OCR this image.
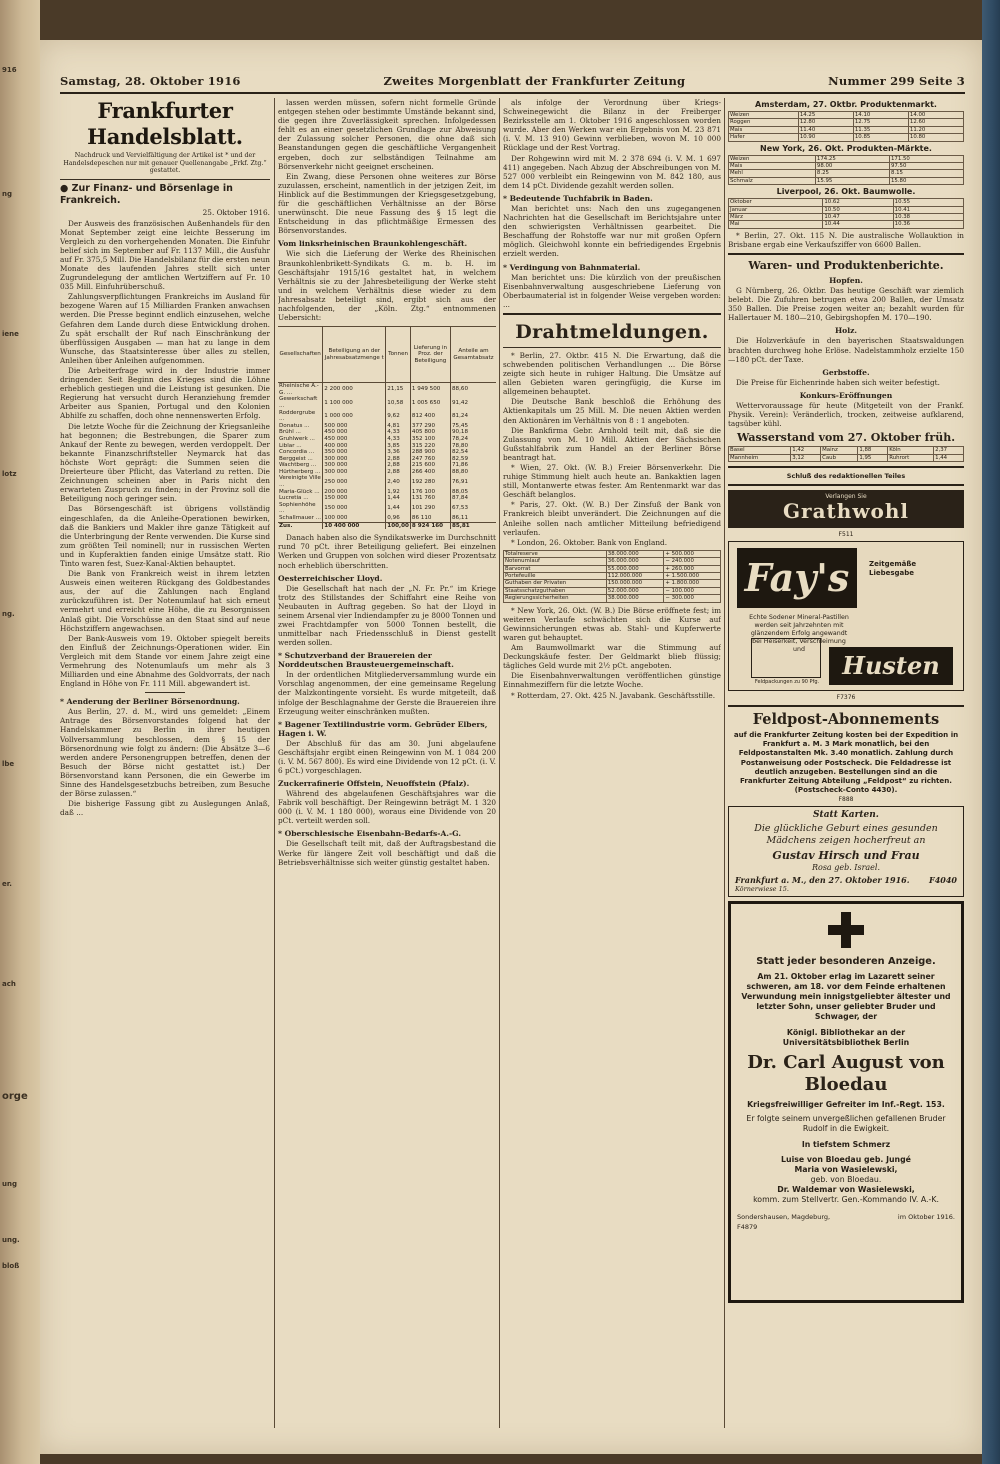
916
ng
iene
lotz
ng.
lbe
er.
ach
orge
ung
ung.
bloß
Samstag, 28. Oktober 1916	Zweites Morgenblatt der Frankfurter Zeitung	Nummer 299 Seite 3
Frankfurter Handelsblatt.
Nachdruck und Vervielfältigung der Artikel ist * und der Handelsdepeschen nur mit genauer Quellenangabe „Frkf. Ztg.“ gestattet.
● Zur Finanz- und Börsenlage in Frankreich.
25. Oktober 1916.

Der Ausweis des französischen Außenhandels für den Monat September zeigt eine leichte Besserung im Vergleich zu den vorhergehenden Monaten. Die Einfuhr belief sich im September auf Fr. 1137 Mill., die Ausfuhr auf Fr. 375,5 Mill. Die Handelsbilanz für die ersten neun Monate des laufenden Jahres stellt sich unter Zugrundelegung der amtlichen Wertziffern auf Fr. 10 035 Mill. Einfuhrüberschuß.

Zahlungsverpflichtungen Frankreichs im Ausland für bezogene Waren auf 15 Milliarden Franken anwachsen werden. Die Presse beginnt endlich einzusehen, welche Gefahren dem Lande durch diese Entwicklung drohen. Zu spät erschallt der Ruf nach Einschränkung der überflüssigen Ausgaben — man hat zu lange in dem Wunsche, das Staatsinteresse über alles zu stellen, Anleihen über Anleihen aufgenommen.

Die Arbeiterfrage wird in der Industrie immer dringender. Seit Beginn des Krieges sind die Löhne erheblich gestiegen und die Leistung ist gesunken. Die Regierung hat versucht durch Heranziehung fremder Arbeiter aus Spanien, Portugal und den Kolonien Abhilfe zu schaffen, doch ohne nennenswerten Erfolg.

Die letzte Woche für die Zeichnung der Kriegsanleihe hat begonnen; die Bestrebungen, die Sparer zum Ankauf der Rente zu bewegen, werden verdoppelt. Der bekannte Finanzschriftsteller Neymarck hat das höchste Wort geprägt: die Summen seien die Dreierteure über Pflicht, das Vaterland zu retten. Die Zeichnungen scheinen aber in Paris nicht den erwarteten Zuspruch zu finden; in der Provinz soll die Beteiligung noch geringer sein.

Das Börsengeschäft ist übrigens vollständig eingeschlafen, da die Anleihe-Operationen bewirken, daß die Bankiers und Makler ihre ganze Tätigkeit auf die Unterbringung der Rente verwenden. Die Kurse sind zum größten Teil nominell; nur in russischen Werten und in Kupferaktien fanden einige Umsätze statt. Rio Tinto waren fest, Suez-Kanal-Aktien behauptet.

Die Bank von Frankreich weist in ihrem letzten Ausweis einen weiteren Rückgang des Goldbestandes aus, der auf die Zahlungen nach England zurückzuführen ist. Der Notenumlauf hat sich erneut vermehrt und erreicht eine Höhe, die zu Besorgnissen Anlaß gibt. Die Vorschüsse an den Staat sind auf neue Höchstziffern angewachsen.

Der Bank-Ausweis vom 19. Oktober spiegelt bereits den Einfluß der Zeichnungs-Operationen wider. Ein Vergleich mit dem Stande vor einem Jahre zeigt eine Vermehrung des Notenumlaufs um mehr als 3 Milliarden und eine Abnahme des Goldvorrats, der nach England in Höhe von Fr. 111 Mill. abgewandert ist.

* Aenderung der Berliner Börsenordnung.

Aus Berlin, 27. d. M., wird uns gemeldet: „Einem Antrage des Börsenvorstandes folgend hat der Handelskammer zu Berlin in ihrer heutigen Vollversammlung beschlossen, dem § 15 der Börsenordnung wie folgt zu ändern: (Die Absätze 3—6 werden andere Personengruppen betreffen, denen der Besuch der Börse nicht gestattet ist.) Der Börsenvorstand kann Personen, die ein Gewerbe im Sinne des Handelsgesetzbuchs betreiben, zum Besuche der Börse zulassen.“

Die bisherige Fassung gibt zu Auslegungen Anlaß, daß ...

lassen werden müssen, sofern nicht formelle Gründe entgegen stehen oder bestimmte Umstände bekannt sind, die gegen ihre Zuverlässigkeit sprechen. Infolgedessen fehlt es an einer gesetzlichen Grundlage zur Abweisung der Zulassung solcher Personen, die ohne daß sich Beanstandungen gegen die geschäftliche Vergangenheit ergeben, doch zur selbständigen Teilnahme am Börsenverkehr nicht geeignet erscheinen.

Ein Zwang, diese Personen ohne weiteres zur Börse zuzulassen, erscheint, namentlich in der jetzigen Zeit, im Hinblick auf die Bestimmungen der Kriegsgesetzgebung, für die geschäftlichen Verhältnisse an der Börse unerwünscht. Die neue Fassung des § 15 legt die Entscheidung in das pflichtmäßige Ermessen des Börsenvorstandes.

Vom linksrheinischen Braunkohlengeschäft.

Wie sich die Lieferung der Werke des Rheinischen Braunkohlenbrikett-Syndikats G. m. b. H. im Geschäftsjahr 1915/16 gestaltet hat, in welchem Verhältnis sie zu der Jahresbeteiligung der Werke steht und in welchem Verhältnis diese wieder zu dem Jahresabsatz beteiligt sind, ergibt sich aus der nachfolgenden, der „Köln. Ztg.“ entnommenen Uebersicht:

Gesellschaften	Beteiligung an der Jahresabsatzmenge t	Tonnen	Lieferung in Proz. der Beteiligung	Anteile am Gesamtabsatz
Rheinische A.-G. ...	2 200 000	21,15	1 949 500	88,60
Gewerkschaft ...	1 100 000	10,58	1 005 650	91,42
Roddergrube ...	1 000 000	9,62	812 400	81,24
Donatus ...	500 000	4,81	377 290	75,45
Brühl ...	450 000	4,33	405 800	90,18
Gruhlwerk ...	450 000	4,33	352 100	78,24
Liblar ...	400 000	3,85	315 220	78,80
Concordia ...	350 000	3,36	288 900	82,54
Berggeist ...	300 000	2,88	247 760	82,59
Wachtberg ...	300 000	2,88	215 600	71,86
Hürtherberg ...	300 000	2,88	266 400	88,80
Vereinigte Ville ...	250 000	2,40	192 280	76,91
Maria-Glück ...	200 000	1,92	176 100	88,05
Lucretia ...	150 000	1,44	131 760	87,84
Sophienhöhe ...	150 000	1,44	101 290	67,53
Schallmauer ...	100 000	0,96	86 110	86,11
Zus.	10 400 000	100,00	8 924 160	85,81

Danach haben also die Syndikatswerke im Durchschnitt rund 70 pCt. ihrer Beteiligung geliefert. Bei einzelnen Werken und Gruppen von solchen wird dieser Prozentsatz noch erheblich überschritten.

Oesterreichischer Lloyd.

Die Gesellschaft hat nach der „N. Fr. Pr.“ im Kriege trotz des Stillstandes der Schiffahrt eine Reihe von Neubauten in Auftrag gegeben. So hat der Lloyd in seinem Arsenal vier Indiendampfer zu je 8000 Tonnen und zwei Frachtdampfer von 5000 Tonnen bestellt, die unmittelbar nach Friedensschluß in Dienst gestellt werden sollen.

* Schutzverband der Brauereien der Norddeutschen Brausteuergemeinschaft.

In der ordentlichen Mitgliederversammlung wurde ein Vorschlag angenommen, der eine gemeinsame Regelung der Malzkontingente vorsieht. Es wurde mitgeteilt, daß infolge der Beschlagnahme der Gerste die Brauereien ihre Erzeugung weiter einschränken mußten.

* Bagener Textilindustrie vorm. Gebrüder Elbers, Hagen i. W.

Der Abschluß für das am 30. Juni abgelaufene Geschäftsjahr ergibt einen Reingewinn von M. 1 084 200 (i. V. M. 567 800). Es wird eine Dividende von 12 pCt. (i. V. 6 pCt.) vorgeschlagen.

Zuckerrafinerie Offstein, Neuoffstein (Pfalz).

Während des abgelaufenen Geschäftsjahres war die Fabrik voll beschäftigt. Der Reingewinn beträgt M. 1 320 000 (i. V. M. 1 180 000), woraus eine Dividende von 20 pCt. verteilt werden soll.

* Oberschlesische Eisenbahn-Bedarfs-A.-G.

Die Gesellschaft teilt mit, daß der Auftragsbestand die Werke für längere Zeit voll beschäftigt und daß die Betriebsverhältnisse sich weiter günstig gestaltet haben.

als infolge der Verordnung über Kriegs-Schweinegewicht die Bilanz in der Freiberger Bezirksstelle am 1. Oktober 1916 angeschlossen worden wurde. Aber den Werken war ein Ergebnis von M. 23 871 (i. V. M. 13 910) Gewinn verblieben, wovon M. 10 000 Rücklage und der Rest Vortrag.

Der Rohgewinn wird mit M. 2 378 694 (i. V. M. 1 697 411) angegeben. Nach Abzug der Abschreibungen von M. 527 000 verbleibt ein Reingewinn von M. 842 180, aus dem 14 pCt. Dividende gezahlt werden sollen.

* Bedeutende Tuchfabrik in Baden.

Man berichtet uns: Nach den uns zugegangenen Nachrichten hat die Gesellschaft im Berichtsjahre unter den schwierigsten Verhältnissen gearbeitet. Die Beschaffung der Rohstoffe war nur mit großen Opfern möglich. Gleichwohl konnte ein befriedigendes Ergebnis erzielt werden.

* Verdingung von Bahnmaterial.

Man berichtet uns: Die kürzlich von der preußischen Eisenbahnverwaltung ausgeschriebene Lieferung von Oberbaumaterial ist in folgender Weise vergeben worden: ...

Drahtmeldungen.

* Berlin, 27. Oktbr. 415 N. Die Erwartung, daß die schwebenden politischen Verhandlungen ... Die Börse zeigte sich heute in ruhiger Haltung. Die Umsätze auf allen Gebieten waren geringfügig, die Kurse im allgemeinen behauptet.

Die Deutsche Bank beschloß die Erhöhung des Aktienkapitals um 25 Mill. M. Die neuen Aktien werden den Aktionären im Verhältnis von 8 : 1 angeboten.

Die Bankfirma Gebr. Arnhold teilt mit, daß sie die Zulassung von M. 10 Mill. Aktien der Sächsischen Gußstahlfabrik zum Handel an der Berliner Börse beantragt hat.

* Wien, 27. Okt. (W. B.) Freier Börsenverkehr. Die ruhige Stimmung hielt auch heute an. Bankaktien lagen still, Montanwerte etwas fester. Am Rentenmarkt war das Geschäft belanglos.

* Paris, 27. Okt. (W. B.) Der Zinsfuß der Bank von Frankreich bleibt unverändert. Die Zeichnungen auf die Anleihe sollen nach amtlicher Mitteilung befriedigend verlaufen.

* London, 26. Oktober. Bank von England.

Totalreserve	38.000.000	+ 500.000
Notenumlauf	36.000.000	− 240.000
Barvorrat	55.000.000	+ 260.000
Portefeuille	112.000.000	+ 1.500.000
Guthaben der Privaten	150.000.000	+ 1.800.000
Staatsschatzguthaben	52.000.000	− 100.000
Regierungssicherheiten	38.000.000	− 300.000

* New York, 26. Okt. (W. B.) Die Börse eröffnete fest; im weiteren Verlaufe schwächten sich die Kurse auf Gewinnsicherungen etwas ab. Stahl- und Kupferwerte waren gut behauptet.

Am Baumwollmarkt war die Stimmung auf Deckungskäufe fester. Der Geldmarkt blieb flüssig; tägliches Geld wurde mit 2½ pCt. angeboten.

Die Eisenbahnverwaltungen veröffentlichen günstige Einnahmeziffern für die letzte Woche.

* Rotterdam, 27. Okt. 425 N. Javabank. Geschäftsstille.

Amsterdam, 27. Oktbr. Produktenmarkt.
Weizen	14.25	14.10	14.00
Roggen	12.80	12.75	12.60
Mais	11.40	11.35	11.20
Hafer	10.90	10.85	10.80
New York, 26. Okt. Produkten-Märkte.
Weizen	174.25	171.50
Mais	98.00	97.50
Mehl	8.25	8.15
Schmalz	15.95	15.80
Liverpool, 26. Okt. Baumwolle.
Oktober	10.62	10.55
Januar	10.50	10.41
März	10.47	10.38
Mai	10.44	10.36

* Berlin, 27. Okt. 115 N. Die australische Wollauktion in Brisbane ergab eine Verkaufsziffer von 6600 Ballen.

Waren- und Produktenberichte.
Hopfen.

G Nürnberg, 26. Oktbr. Das heutige Geschäft war ziemlich belebt. Die Zufuhren betrugen etwa 200 Ballen, der Umsatz 350 Ballen. Die Preise zogen weiter an; bezahlt wurden für Hallertauer M. 180—210, Gebirgshopfen M. 170—190.

Holz.

Die Holzverkäufe in den bayerischen Staatswaldungen brachten durchweg hohe Erlöse. Nadelstammholz erzielte 150—180 pCt. der Taxe.

Gerbstoffe.

Die Preise für Eichenrinde haben sich weiter befestigt.

Konkurs-Eröffnungen

Wettervoraussage für heute (Mitgeteilt von der Frankf. Physik. Verein): Veränderlich, trocken, zeitweise aufklarend, tagsüber kühl.

Wasserstand vom 27. Oktober früh.
Basel	1,42	Mainz	1,88	Köln	2,37
Mannheim	3,12	Caub	1,95	Ruhrort	1,44
Schluß des redaktionellen Teiles
Verlangen Sie
Grathwohl
F511
Fay's	Zeitgemäße Liebesgabe
Echte Sodener Mineral-Pastillen werden seit Jahrzehnten mit glänzendem Erfolg angewandt bei Heiserkeit, Verschleimung und
Feldpackungen zu 90 Pfg.
Husten
F7376
Feldpost-Abonnements
auf die Frankfurter Zeitung kosten bei der Expedition in Frankfurt a. M. 3 Mark monatlich, bei den Feldpostanstalten Mk. 3.40 monatlich. Zahlung durch Postanweisung oder Postscheck. Die Feldadresse ist deutlich anzugeben. Bestellungen sind an die Frankfurter Zeitung Abteilung „Feldpost“ zu richten. (Postscheck-Conto 4430).
F888
Statt Karten.
Die glückliche Geburt eines gesunden Mädchens zeigen hocherfreut an
Gustav Hirsch und Frau
Rosa geb. Israel.
Frankfurt a. M., den 27. Oktober 1916. F4040
Körnerwiese 15.
Statt jeder besonderen Anzeige.
Am 21. Oktober erlag im Lazarett seiner schweren, am 18. vor dem Feinde erhaltenen Verwundung mein innigstgeliebter ältester und letzter Sohn, unser geliebter Bruder und Schwager, der
Königl. Bibliothekar an der Universitätsbibliothek Berlin
Dr. Carl August von Bloedau
Kriegsfreiwilliger Gefreiter im Inf.-Regt. 153.
Er folgte seinem unvergeßlichen gefallenen Bruder Rudolf in die Ewigkeit.
In tiefstem Schmerz
Luise von Bloedau geb. Jungé
Maria von Wasielewski,
geb. von Bloedau.
Dr. Waldemar von Wasielewski,
komm. zum Stellvertr. Gen.-Kommando IV. A.-K.
Sondershausen, Magdeburg,	im Oktober 1916.
F4879
